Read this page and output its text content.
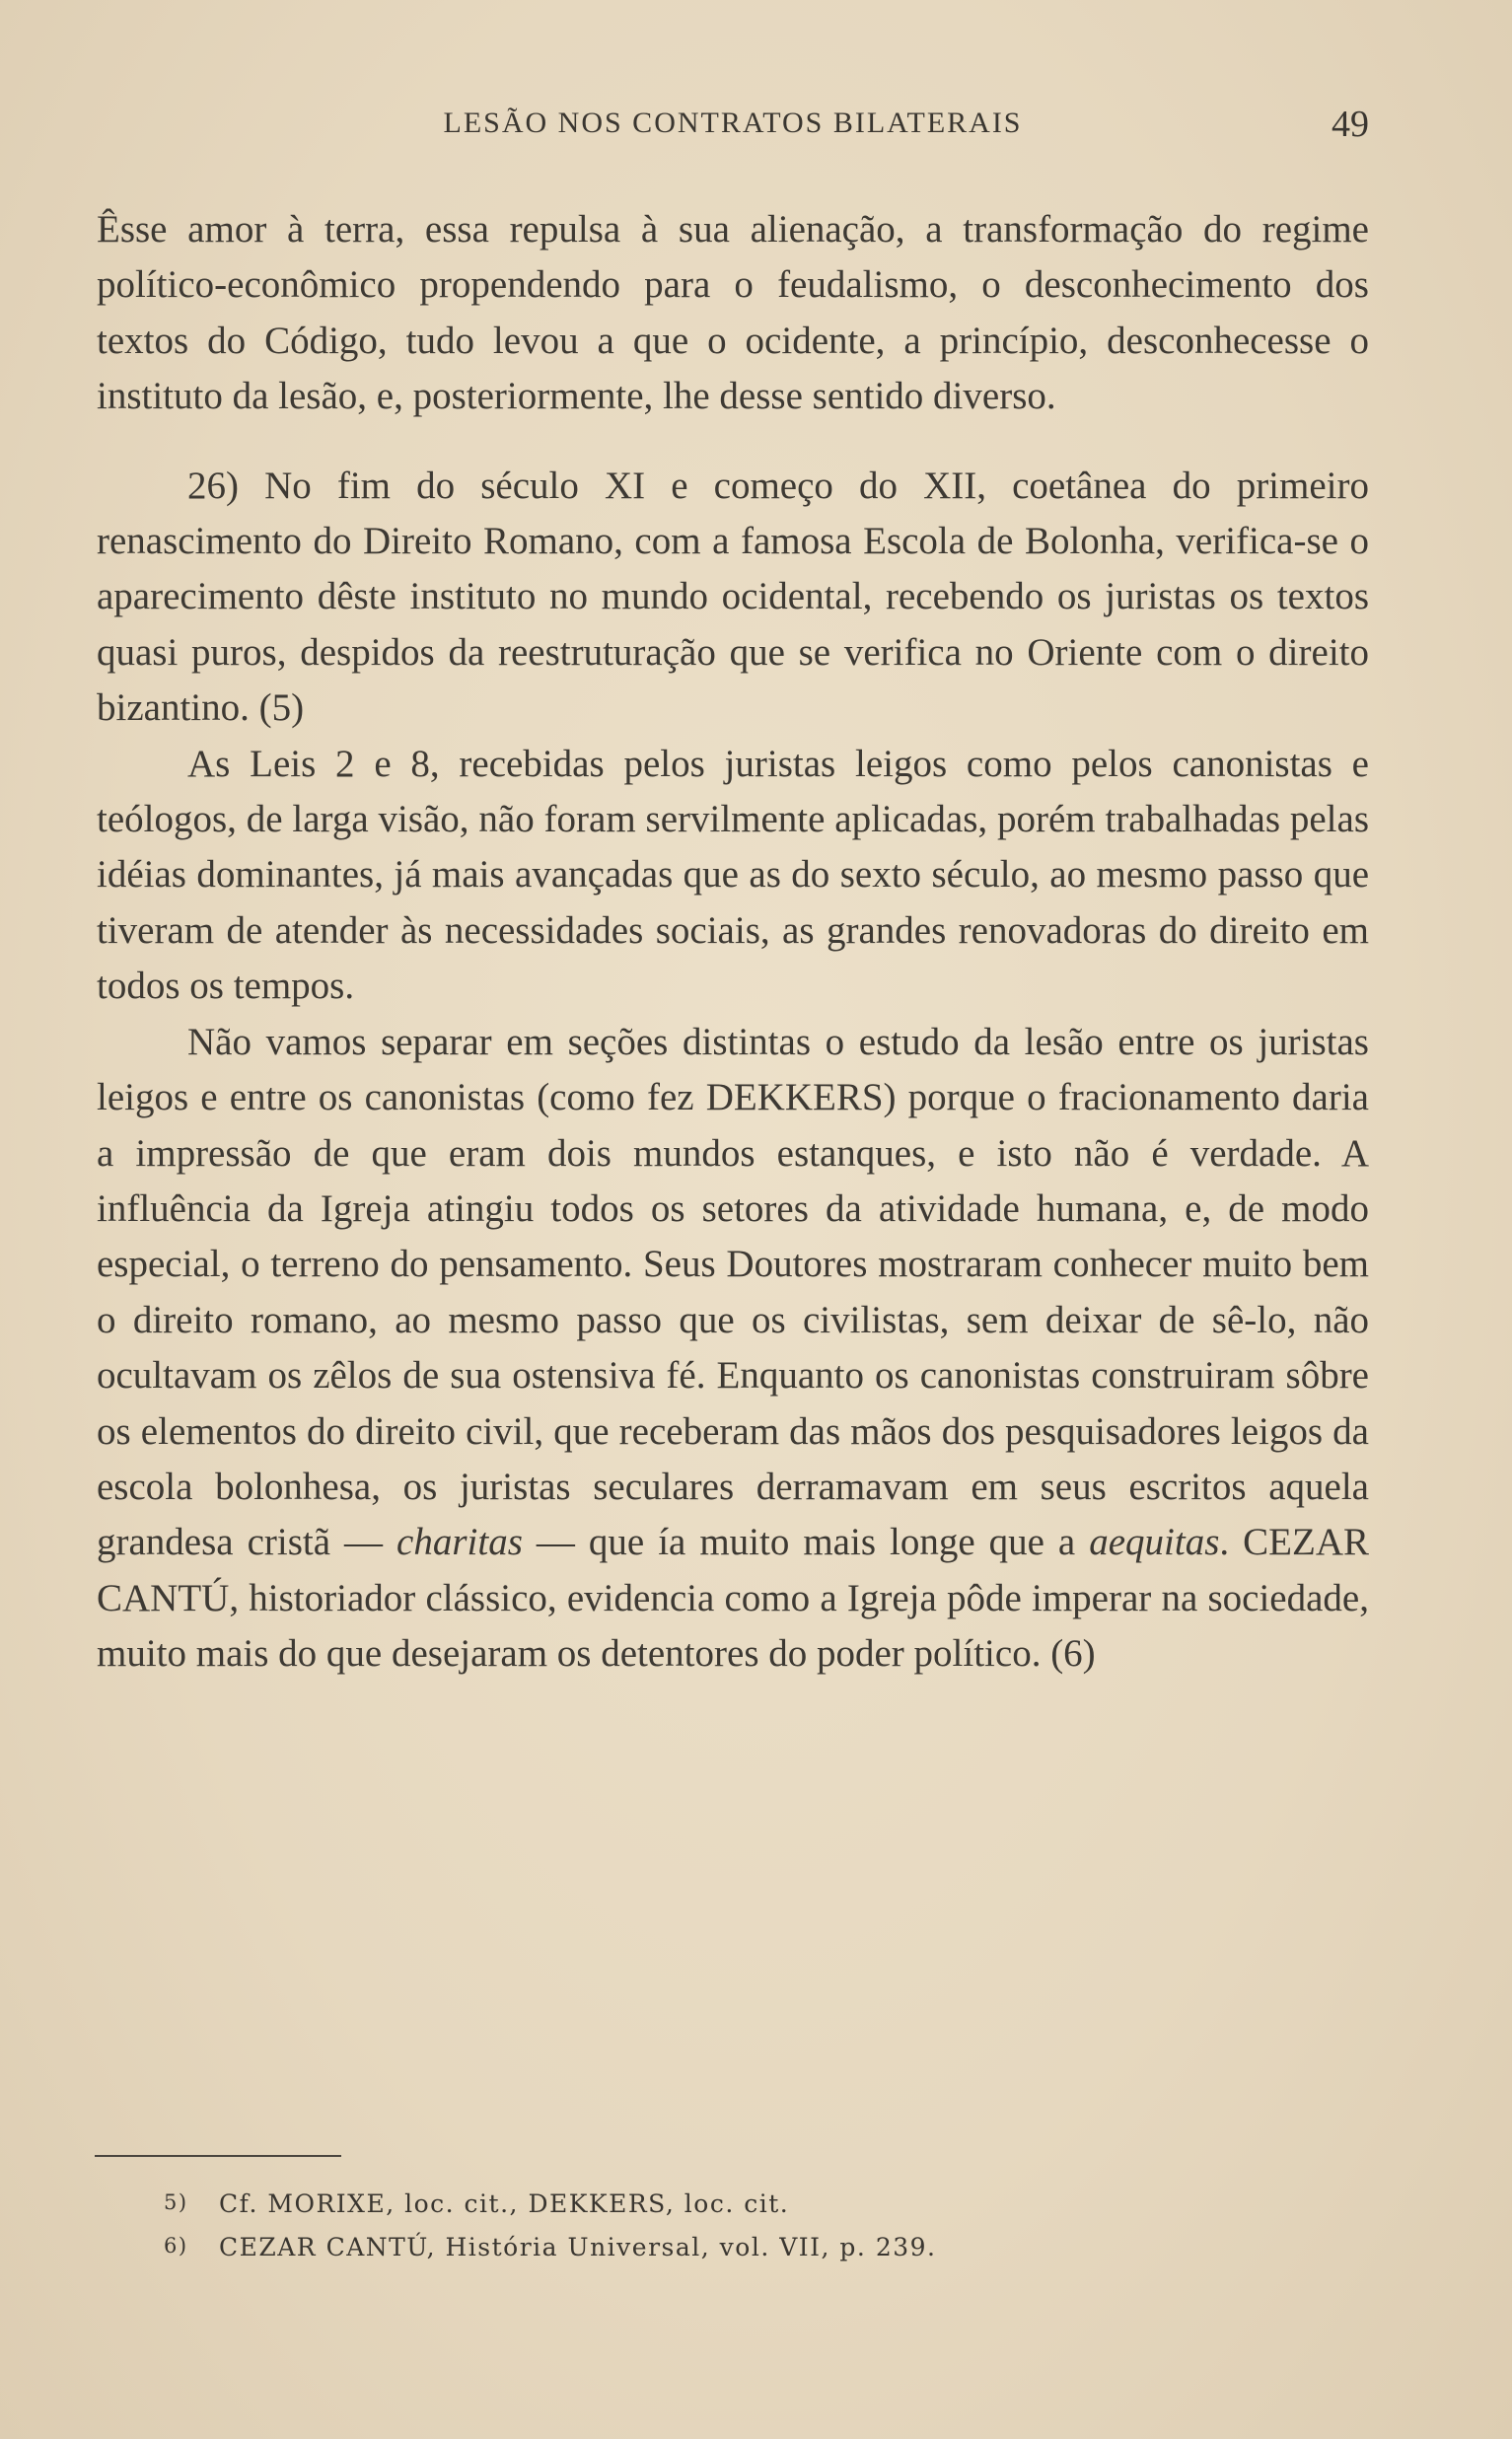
LESÃO NOS CONTRATOS BILATERAIS	49

Êsse amor à terra, essa repulsa à sua alienação, a transformação do regime político-econômico propendendo para o feudalismo, o desconhecimento dos textos do Código, tudo levou a que o ocidente, a princípio, desconhecesse o instituto da lesão, e, posteriormente, lhe desse sentido diverso.

26) No fim do século XI e começo do XII, coetânea do primeiro renascimento do Direito Romano, com a famosa Escola de Bolonha, verifica-se o aparecimento dêste instituto no mundo ocidental, recebendo os juristas os textos quasi puros, despidos da reestruturação que se verifica no Oriente com o direito bizantino. (5)

As Leis 2 e 8, recebidas pelos juristas leigos como pelos canonistas e teólogos, de larga visão, não foram servilmente aplicadas, porém trabalhadas pelas idéias dominantes, já mais avançadas que as do sexto século, ao mesmo passo que tiveram de atender às necessidades sociais, as grandes renovadoras do direito em todos os tempos.

Não vamos separar em seções distintas o estudo da lesão entre os juristas leigos e entre os canonistas (como fez DEKKERS) porque o fracionamento daria a impressão de que eram dois mundos estanques, e isto não é verdade. A influência da Igreja atingiu todos os setores da atividade humana, e, de modo especial, o terreno do pensamento. Seus Doutores mostraram conhecer muito bem o direito romano, ao mesmo passo que os civilistas, sem deixar de sê-lo, não ocultavam os zêlos de sua ostensiva fé. Enquanto os canonistas construiram sôbre os elementos do direito civil, que receberam das mãos dos pesquisadores leigos da escola bolonhesa, os juristas seculares derramavam em seus escritos aquela grandesa cristã — charitas — que ía muito mais longe que a aequitas. CEZAR CANTÚ, historiador clássico, evidencia como a Igreja pôde imperar na sociedade, muito mais do que desejaram os detentores do poder político. (6)

5) Cf. MORIXE, loc. cit., DEKKERS, loc. cit.
6) CEZAR CANTÚ, História Universal, vol. VII, p. 239.
